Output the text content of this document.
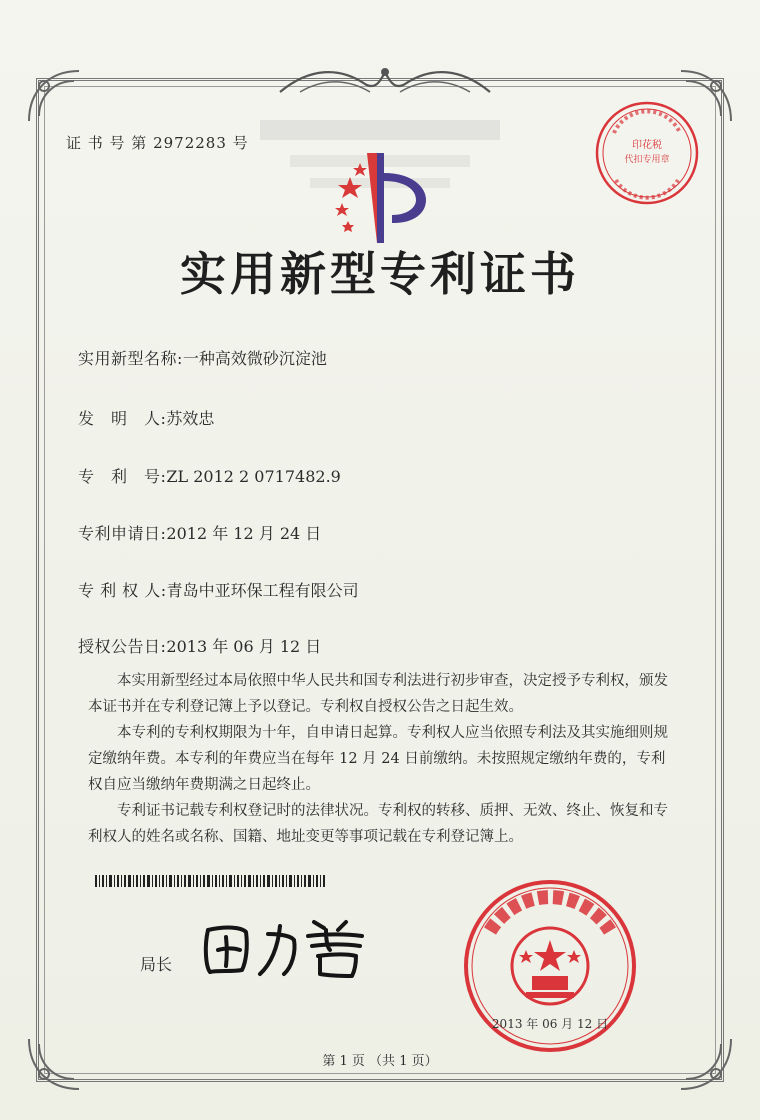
证 书 号 第 2972283 号
实用新型专利证书
实用新型名称:一种高效微砂沉淀池
发　明　人:苏效忠
专　利　号:ZL 2012 2 0717482.9
专利申请日:2012 年 12 月 24 日
专 利 权 人:青岛中亚环保工程有限公司
授权公告日:2013 年 06 月 12 日

本实用新型经过本局依照中华人民共和国专利法进行初步审查，决定授予专利权，颁发本证书并在专利登记簿上予以登记。专利权自授权公告之日起生效。

本专利的专利权期限为十年，自申请日起算。专利权人应当依照专利法及其实施细则规定缴纳年费。本专利的年费应当在每年 12 月 24 日前缴纳。未按照规定缴纳年费的，专利权自应当缴纳年费期满之日起终止。

专利证书记载专利权登记时的法律状况。专利权的转移、质押、无效、终止、恢复和专利权人的姓名或名称、国籍、地址变更等事项记载在专利登记簿上。

局长
印花税
代扣专用章
2013 年 06 月 12 日
第 1 页 （共 1 页）
